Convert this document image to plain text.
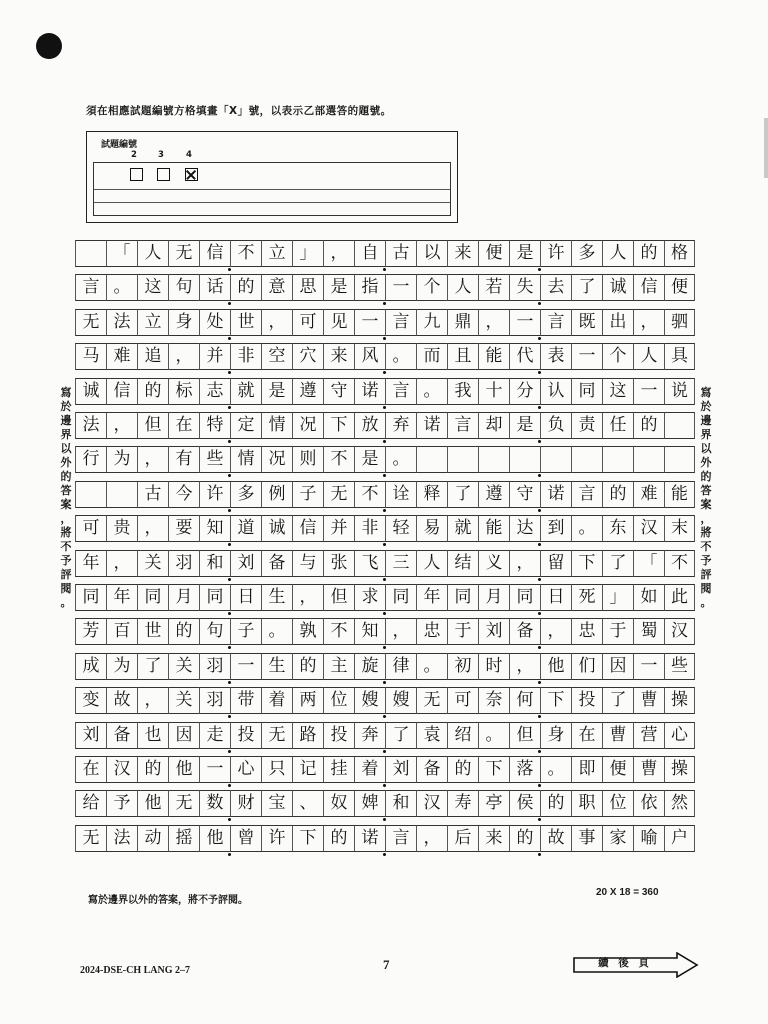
須在相應試題編號方格填畫「X」號，以表示乙部選答的題號。
試題編號
2 3	4
寫
於
邊
界
以
外
的
答
案
，
將
不
予
評
閱
。
寫
於
邊
界
以
外
的
答
案
，
將
不
予
評
閱
。
「 人 无 信 不 立 」 ， 自 古 以 来 便 是 许 多 人 的 格
言 。 这 句 话 的 意 思 是 指 一 个 人 若 失 去 了 诚 信 便
无 法 立 身 处 世 ， 可 见 一 言 九 鼎 ， 一 言 既 出 ， 驷
马 难 追 ， 并 非 空 穴 来 风 。 而 且 能 代 表 一 个 人 具
诚 信 的 标 志 就 是 遵 守 诺 言 。 我 十 分 认 同 这 一 说
法 ， 但 在 特 定 情 况 下 放 弃 诺 言 却 是 负 责 任 的
行 为 ， 有 些 情 况 则 不 是 。
古 今 许 多 例 子 无 不 诠 释 了 遵 守 诺 言 的 难 能
可 贵 ， 要 知 道 诚 信 并 非 轻 易 就 能 达 到 。 东 汉 末
年 ， 关 羽 和 刘 备 与 张 飞 三 人 结 义 ， 留 下 了 「 不
同 年 同 月 同 日 生 ， 但 求 同 年 同 月 同 日 死 」 如 此
芳 百 世 的 句 子 。 孰 不 知 ， 忠 于 刘 备 ， 忠 于 蜀 汉
成 为 了 关 羽 一 生 的 主 旋 律 。 初 时 ， 他 们 因 一 些
变 故 ， 关 羽 带 着 两 位 嫂 嫂 无 可 奈 何 下 投 了 曹 操
刘 备 也 因 走 投 无 路 投 奔 了 袁 绍 。 但 身 在 曹 营 心
在 汉 的 他 一 心 只 记 挂 着 刘 备 的 下 落 。 即 便 曹 操
给 予 他 无 数 财 宝 、 奴 婢 和 汉 寿 亭 侯 的 职 位 依 然
无 法 动 摇 他 曾 许 下 的 诺 言 ， 后 来 的 故 事 家 喻 户
寫於邊界以外的答案，將不予評閱。
20 X 18 = 360
2024-DSE-CH LANG 2–7	7	續 後 頁
